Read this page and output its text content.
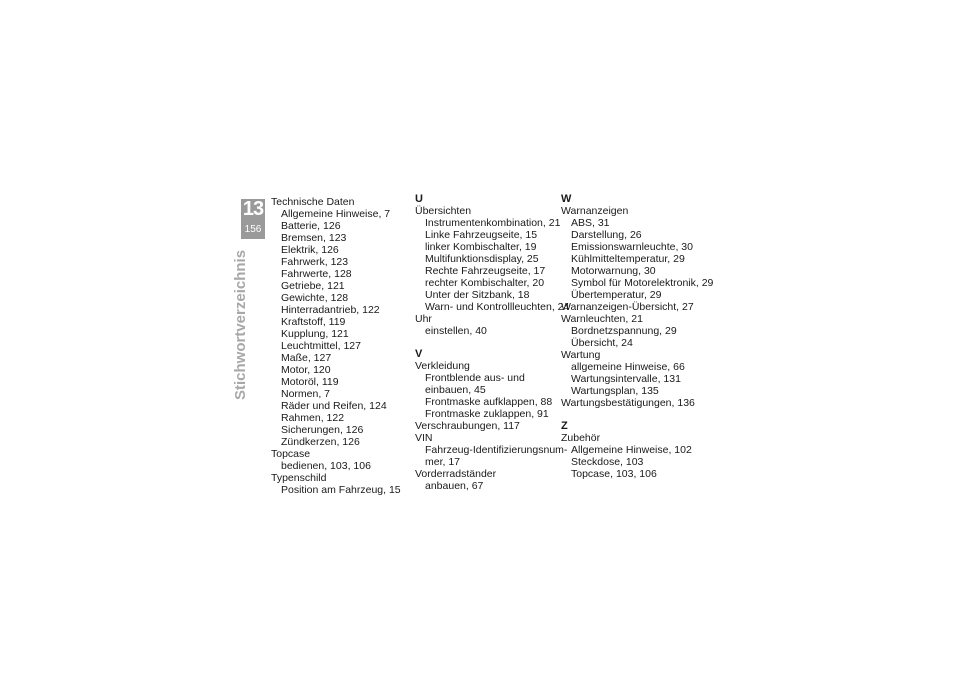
13
156
Stichwortverzeichnis
Technische Daten
Allgemeine Hinweise, 7
Batterie, 126
Bremsen, 123
Elektrik, 126
Fahrwerk, 123
Fahrwerte, 128
Getriebe, 121
Gewichte, 128
Hinterradantrieb, 122
Kraftstoff, 119
Kupplung, 121
Leuchtmittel, 127
Maße, 127
Motor, 120
Motoröl, 119
Normen, 7
Räder und Reifen, 124
Rahmen, 122
Sicherungen, 126
Zündkerzen, 126
Topcase
bedienen, 103, 106
Typenschild
Position am Fahrzeug, 15
U
Übersichten
Instrumentenkombination, 21
Linke Fahrzeugseite, 15
linker Kombischalter, 19
Multifunktionsdisplay, 25
Rechte Fahrzeugseite, 17
rechter Kombischalter, 20
Unter der Sitzbank, 18
Warn- und Kontrollleuchten, 24
Uhr
einstellen, 40
V
Verkleidung
Frontblende aus- und
einbauen, 45
Frontmaske aufklappen, 88
Frontmaske zuklappen, 91
Verschraubungen, 117
VIN
Fahrzeug-Identifizierungsnum-
mer, 17
Vorderradständer
anbauen, 67
W
Warnanzeigen
ABS, 31
Darstellung, 26
Emissionswarnleuchte, 30
Kühlmitteltemperatur, 29
Motorwarnung, 30
Symbol für Motorelektronik, 29
Übertemperatur, 29
Warnanzeigen-Übersicht, 27
Warnleuchten, 21
Bordnetzspannung, 29
Übersicht, 24
Wartung
allgemeine Hinweise, 66
Wartungsintervalle, 131
Wartungsplan, 135
Wartungsbestätigungen, 136
Z
Zubehör
Allgemeine Hinweise, 102
Steckdose, 103
Topcase, 103, 106
